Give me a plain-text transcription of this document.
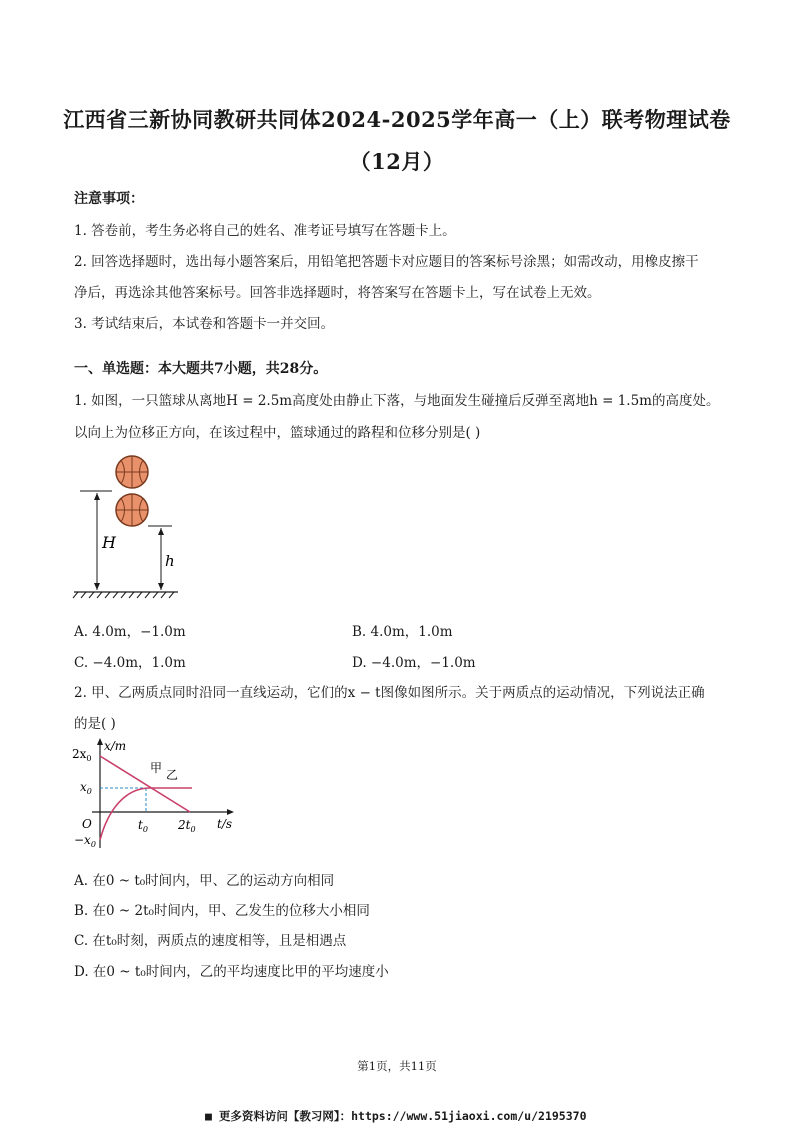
江西省三新协同教研共同体2024-2025学年高一（上）联考物理试卷
（12月）
注意事项：
1. 答卷前，考生务必将自己的姓名、准考证号填写在答题卡上。
2. 回答选择题时，选出每小题答案后，用铅笔把答题卡对应题目的答案标号涂黑；如需改动，用橡皮擦干
净后，再选涂其他答案标号。回答非选择题时，将答案写在答题卡上，写在试卷上无效。
3. 考试结束后，本试卷和答题卡一并交回。
一、单选题：本大题共7小题，共28分。
1. 如图，一只篮球从离地H = 2.5m高度处由静止下落，与地面发生碰撞后反弹至离地h = 1.5m的高度处。
以向上为位移正方向，在该过程中，篮球通过的路程和位移分别是( )
H
h
A. 4.0m，−1.0m	B. 4.0m，1.0m
C. −4.0m，1.0m	D. −4.0m，−1.0m
2. 甲、乙两质点同时沿同一直线运动，它们的x − t图像如图所示。关于两质点的运动情况，下列说法正确
的是( )
x/m
t/s
O
$2x_0$
$x_0$
$-x_0$
$t_0$	$2t_0$
甲 乙
A. 在0 ~ t₀时间内，甲、乙的运动方向相同
B. 在0 ~ 2t₀时间内，甲、乙发生的位移大小相同
C. 在t₀时刻，两质点的速度相等，且是相遇点
D. 在0 ~ t₀时间内，乙的平均速度比甲的平均速度小
第1页，共11页
■ 更多资料访问【教习网】：https://www.51jiaoxi.com/u/2195370
